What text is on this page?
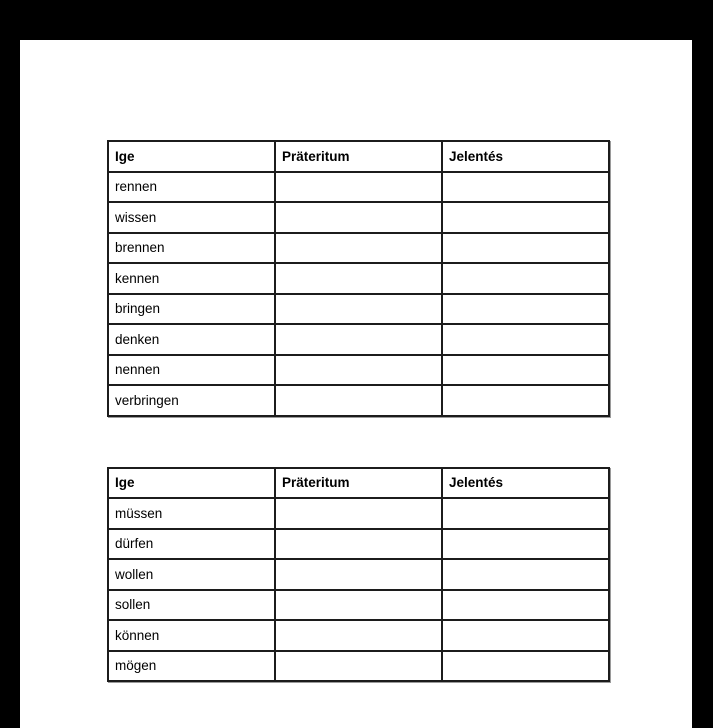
Ige	Präteritum	Jelentés
rennen		
wissen		
brennen		
kennen		
bringen		
denken		
nennen		
verbringen		
Ige	Präteritum	Jelentés
müssen		
dürfen		
wollen		
sollen		
können		
mögen		
